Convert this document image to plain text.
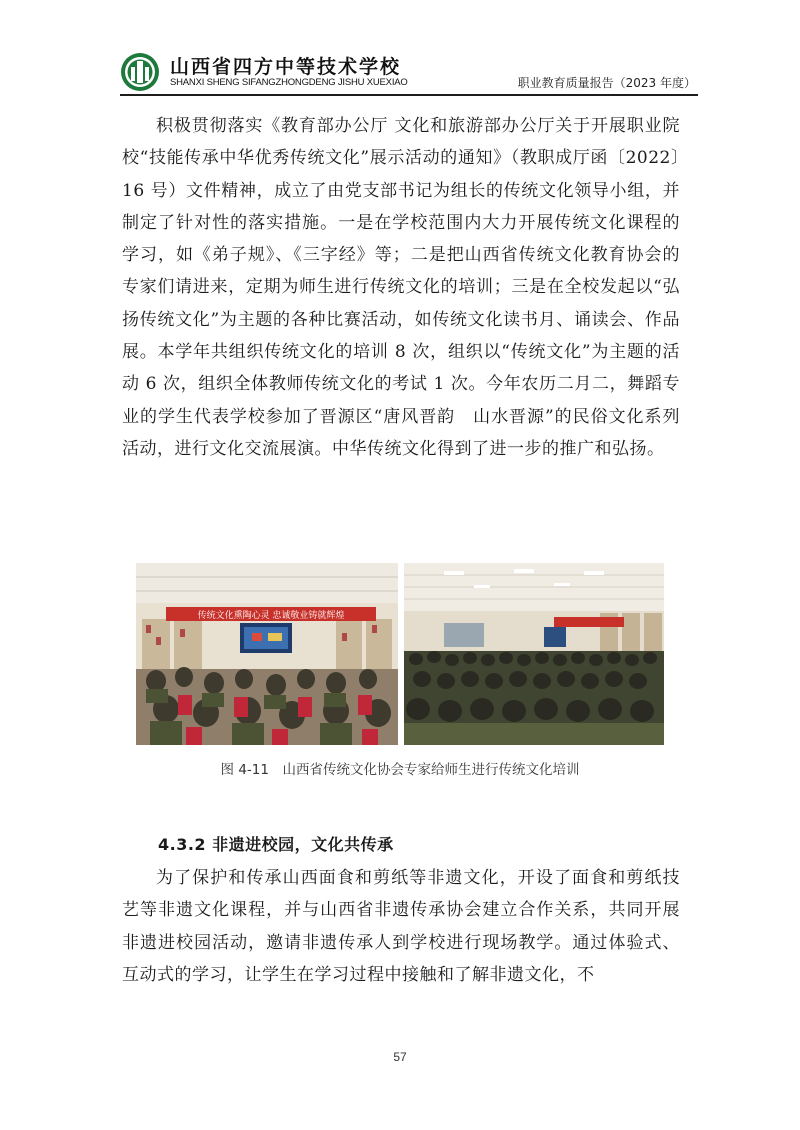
山西省四方中等技术学校
SHANXI SHENG SIFANGZHONGDENG JISHU XUEXIAO	职业教育质量报告（2023 年度）
积极贯彻落实《教育部办公厅 文化和旅游部办公厅关于开展职业院校“技能传承中华优秀传统文化”展示活动的通知》（教职成厅函〔2022〕16 号）文件精神，成立了由党支部书记为组长的传统文化领导小组，并制定了针对性的落实措施。一是在学校范围内大力开展传统文化课程的学习，如《弟子规》、《三字经》等；二是把山西省传统文化教育协会的专家们请进来，定期为师生进行传统文化的培训；三是在全校发起以“弘扬传统文化”为主题的各种比赛活动，如传统文化读书月、诵读会、作品展。本学年共组织传统文化的培训 8 次，组织以“传统文化”为主题的活动 6 次，组织全体教师传统文化的考试 1 次。今年农历二月二，舞蹈专业的学生代表学校参加了晋源区“唐风晋韵　山水晋源”的民俗文化系列活动，进行文化交流展演。中华传统文化得到了进一步的推广和弘扬。
传统文化熏陶心灵 忠诚敬业铸就辉煌
图 4-11　山西省传统文化协会专家给师生进行传统文化培训
4.3.2 非遗进校园，文化共传承
为了保护和传承山西面食和剪纸等非遗文化，开设了面食和剪纸技艺等非遗文化课程，并与山西省非遗传承协会建立合作关系，共同开展非遗进校园活动，邀请非遗传承人到学校进行现场教学。通过体验式、互动式的学习，让学生在学习过程中接触和了解非遗文化，不
57
